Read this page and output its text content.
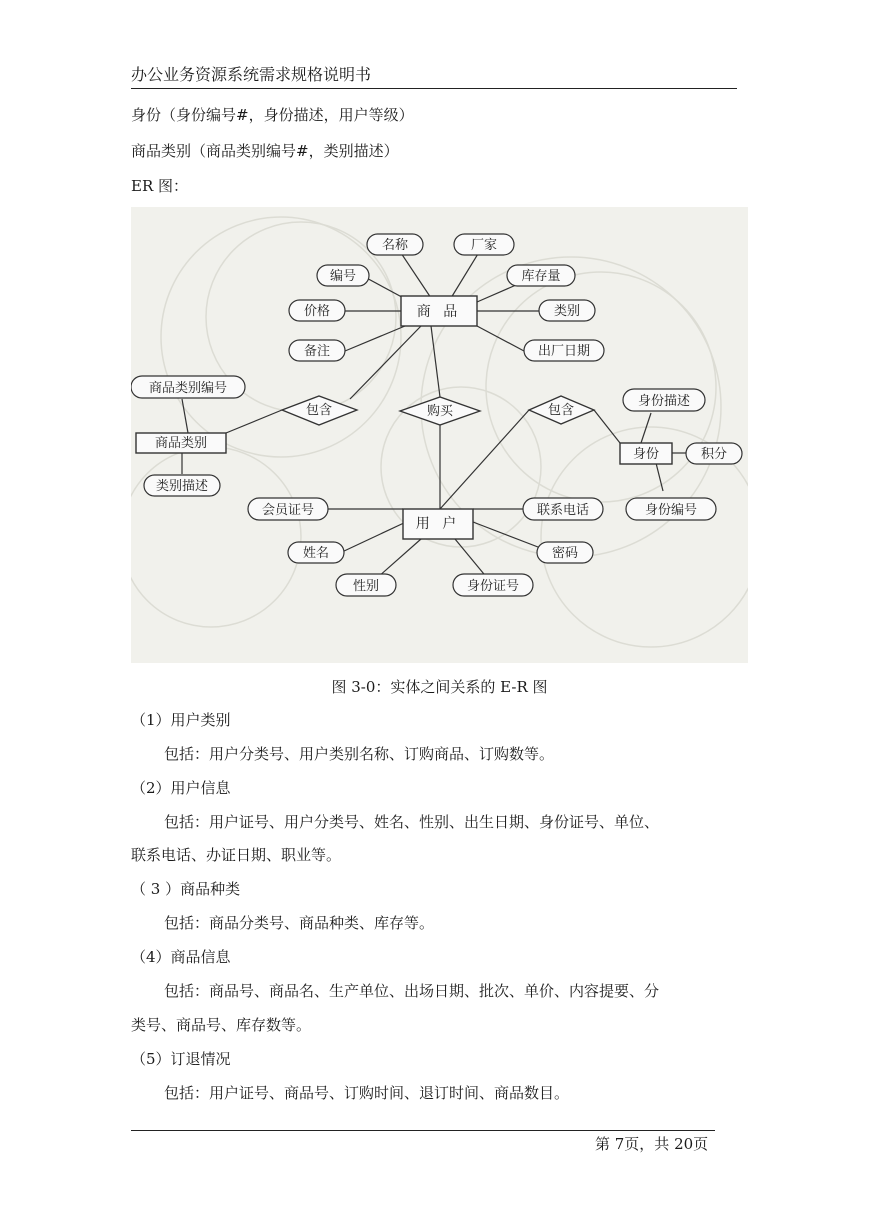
办公业务资源系统需求规格说明书
身份（身份编号#，身份描述，用户等级）
商品类别（商品类别编号#，类别描述）
ER 图：
商 品
商品类别
身份
用 户
包含	购买	包含
名称	厂家
编号	库存量
价格	类别
备注	出厂日期
商品类别编号
类别描述
身份描述
积分
身份编号
会员证号	联系电话
姓名	密码
性别	身份证号
图 3-0：实体之间关系的 E-R 图
（1）用户类别
包括：用户分类号、用户类别名称、订购商品、订购数等。
（2）用户信息
包括：用户证号、用户分类号、姓名、性别、出生日期、身份证号、单位、
联系电话、办证日期、职业等。
（ 3 ）商品种类
包括：商品分类号、商品种类、库存等。
（4）商品信息
包括：商品号、商品名、生产单位、出场日期、批次、单价、内容提要、分
类号、商品号、库存数等。
（5）订退情况
包括：用户证号、商品号、订购时间、退订时间、商品数目。
第 7页，共 20页
